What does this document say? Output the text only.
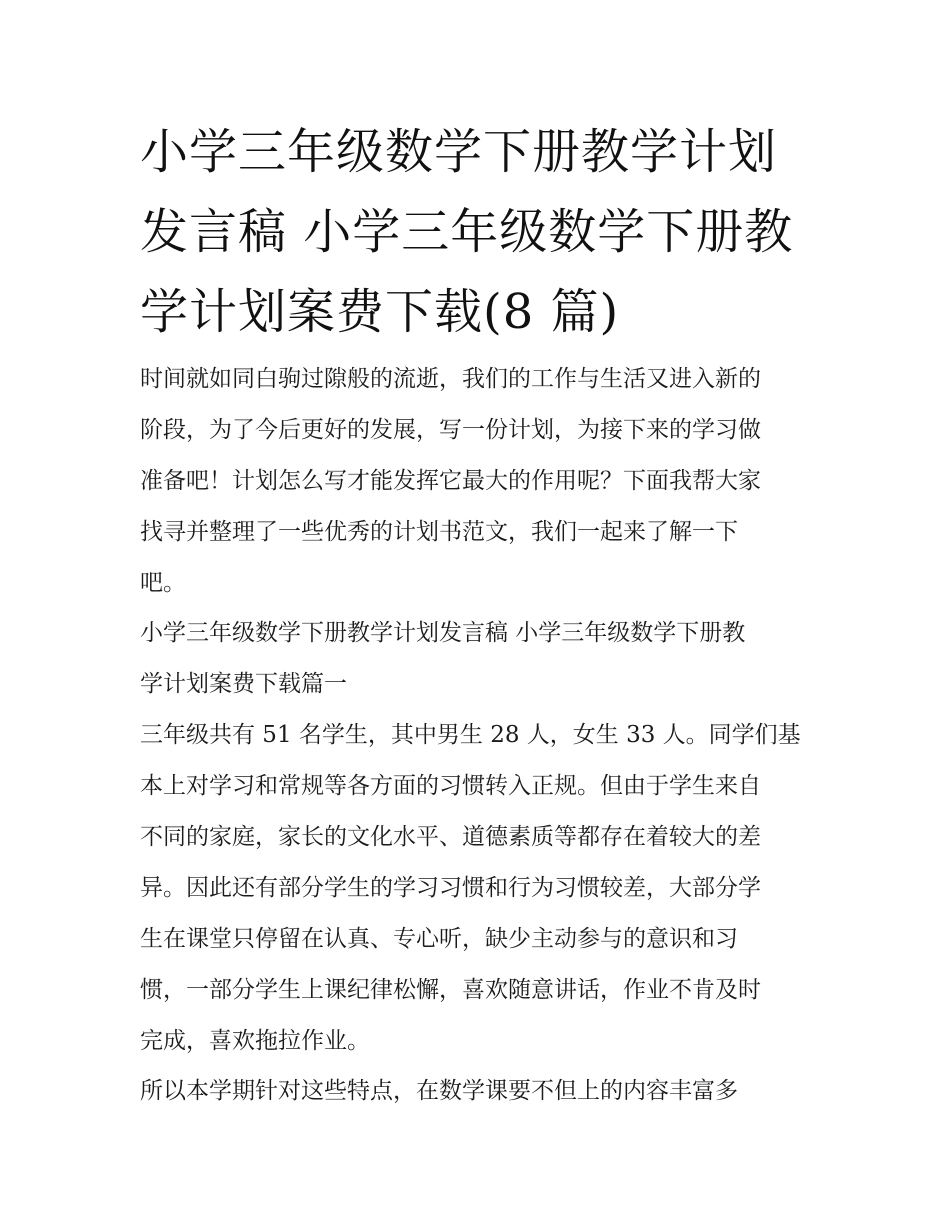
小学三年级数学下册教学计划
发言稿 小学三年级数学下册教
学计划案费下载(8 篇)
时间就如同白驹过隙般的流逝，我们的工作与生活又进入新的
阶段，为了今后更好的发展，写一份计划，为接下来的学习做
准备吧！计划怎么写才能发挥它最大的作用呢？下面我帮大家
找寻并整理了一些优秀的计划书范文，我们一起来了解一下
吧。
小学三年级数学下册教学计划发言稿 小学三年级数学下册教
学计划案费下载篇一
三年级共有 51 名学生，其中男生 28 人，女生 33 人。同学们基
本上对学习和常规等各方面的习惯转入正规。但由于学生来自
不同的家庭，家长的文化水平、道德素质等都存在着较大的差
异。因此还有部分学生的学习习惯和行为习惯较差，大部分学
生在课堂只停留在认真、专心听，缺少主动参与的意识和习
惯，一部分学生上课纪律松懈，喜欢随意讲话，作业不肯及时
完成，喜欢拖拉作业。
所以本学期针对这些特点，在数学课要不但上的内容丰富多
